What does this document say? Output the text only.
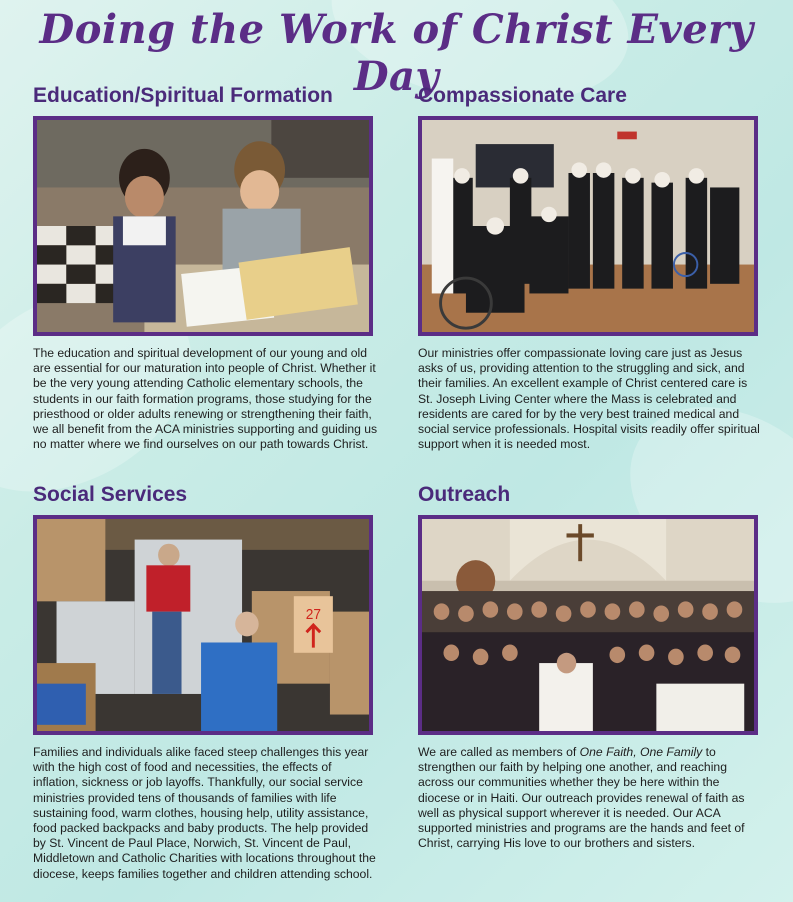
Doing the Work of Christ Every Day
Education/Spiritual Formation

The education and spiritual development of our young and old are essential for our maturation into people of Christ. Whether it be the very young attending Catholic elementary schools, the students in our faith formation programs, those studying for the priesthood or older adults renewing or strengthening their faith, we all benefit from the ACA ministries supporting and guiding us no matter where we find ourselves on our path towards Christ.

Compassionate Care

Our ministries offer compassionate loving care just as Jesus asks of us, providing attention to the struggling and sick, and their families. An excellent example of Christ centered care is St. Joseph Living Center where the Mass is celebrated and residents are cared for by the very best trained medical and social service professionals. Hospital visits readily offer spiritual support when it is needed most.

Social Services
27

Families and individuals alike faced steep challenges this year with the high cost of food and necessities, the effects of inflation, sickness or job layoffs. Thankfully, our social service ministries provided tens of thousands of families with life sustaining food, warm clothes, housing help, utility assistance, food packed backpacks and baby products. The help provided by St. Vincent de Paul Place, Norwich, St. Vincent de Paul, Middletown and Catholic Charities with locations throughout the diocese, keeps families together and children attending school.

Outreach

We are called as members of One Faith, One Family to strengthen our faith by helping one another, and reaching across our communities whether they be here within the diocese or in Haiti. Our outreach provides renewal of faith as well as physical support wherever it is needed. Our ACA supported ministries and programs are the hands and feet of Christ, carrying His love to our brothers and sisters.
